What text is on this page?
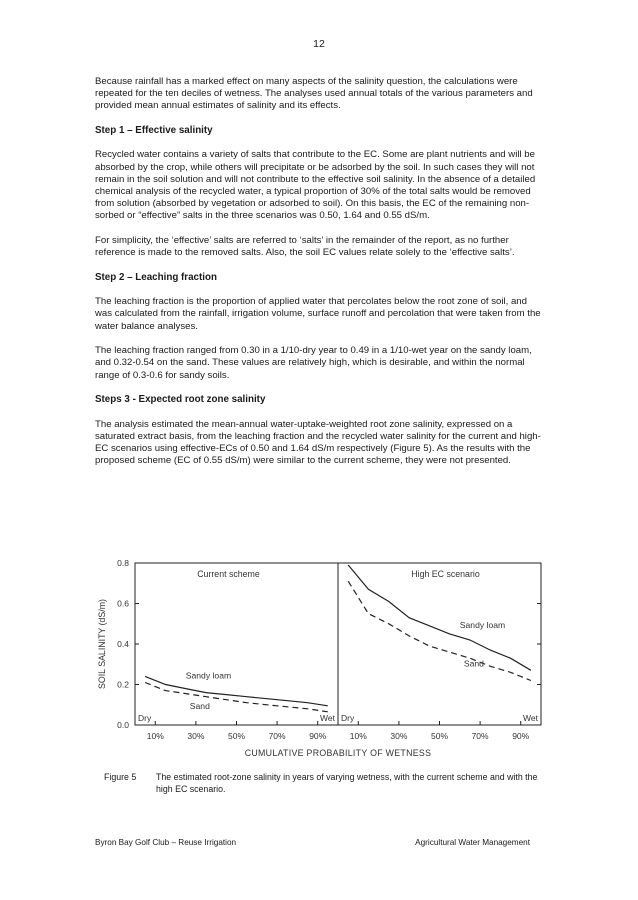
12

Because rainfall has a marked effect on many aspects of the salinity question, the calculations were repeated for the ten deciles of wetness. The analyses used annual totals of the various parameters and provided mean annual estimates of salinity and its effects.

Step 1 – Effective salinity

Recycled water contains a variety of salts that contribute to the EC. Some are plant nutrients and will be absorbed by the crop, while others will precipitate or be adsorbed by the soil. In such cases they will not remain in the soil solution and will not contribute to the effective soil salinity. In the absence of a detailed chemical analysis of the recycled water, a typical proportion of 30% of the total salts would be removed from solution (absorbed by vegetation or adsorbed to soil). On this basis, the EC of the remaining non-sorbed or “effective” salts in the three scenarios was 0.50, 1.64 and 0.55 dS/m.

For simplicity, the ‘effective’ salts are referred to ‘salts’ in the remainder of the report, as no further reference is made to the removed salts. Also, the soil EC values relate solely to the ‘effective salts’.

Step 2 – Leaching fraction

The leaching fraction is the proportion of applied water that percolates below the root zone of soil, and was calculated from the rainfall, irrigation volume, surface runoff and percolation that were taken from the water balance analyses.

The leaching fraction ranged from 0.30 in a 1/10-dry year to 0.49 in a 1/10-wet year on the sandy loam, and 0.32-0.54 on the sand. These values are relatively high, which is desirable, and within the normal range of 0.3-0.6 for sandy soils.

Steps 3 - Expected root zone salinity

The analysis estimated the mean-annual water-uptake-weighted root zone salinity, expressed on a saturated extract basis, from the leaching fraction and the recycled water salinity for the current and high-EC scenarios using effective-ECs of 0.50 and 1.64 dS/m respectively (Figure 5). As the results with the proposed scheme (EC of 0.55 dS/m) were similar to the current scheme, they were not presented.

0.0
0.2
0.4
0.6
0.8
SOIL SALINITY (dS/m)
CUMULATIVE PROBABILITY OF WETNESS
10%	30%	50%	70%	90%
Current scheme
Dry	Wet
Sandy loam
Sand
10%	30%	50%	70%	90%
High EC scenario
Dry	Wet
Sandy loam
Sand
Figure 5	The estimated root-zone salinity in years of varying wetness, with the current scheme and with the high EC scenario.
Byron Bay Golf Club – Reuse Irrigation	Agricultural Water Management
